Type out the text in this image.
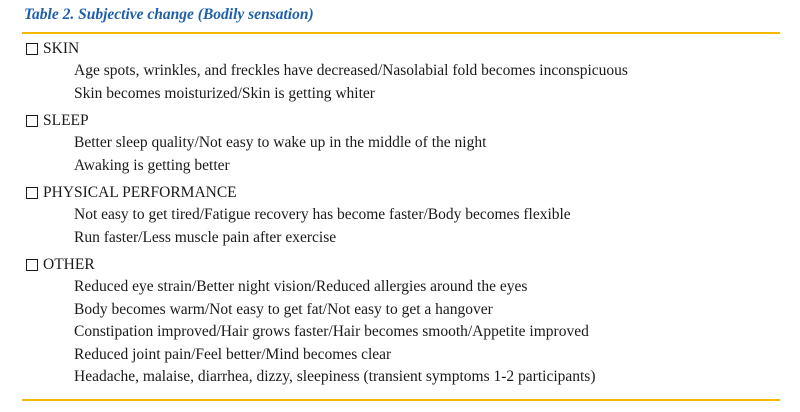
Table 2. Subjective change (Bodily sensation)
SKIN
Age spots, wrinkles, and freckles have decreased/Nasolabial fold becomes inconspicuous
Skin becomes moisturized/Skin is getting whiter
SLEEP
Better sleep quality/Not easy to wake up in the middle of the night
Awaking is getting better
PHYSICAL PERFORMANCE
Not easy to get tired/Fatigue recovery has become faster/Body becomes flexible
Run faster/Less muscle pain after exercise
OTHER
Reduced eye strain/Better night vision/Reduced allergies around the eyes
Body becomes warm/Not easy to get fat/Not easy to get a hangover
Constipation improved/Hair grows faster/Hair becomes smooth/Appetite improved
Reduced joint pain/Feel better/Mind becomes clear
Headache, malaise, diarrhea, dizzy, sleepiness (transient symptoms 1-2 participants)
